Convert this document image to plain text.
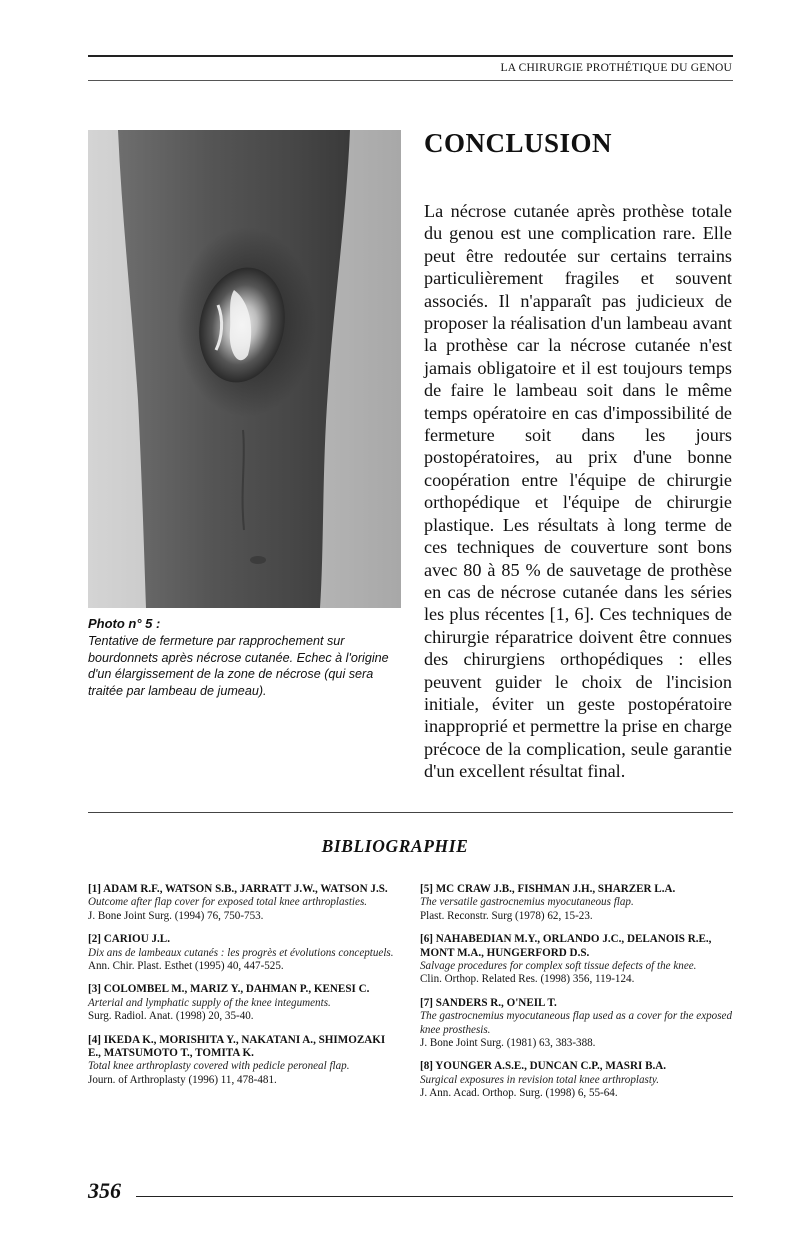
LA CHIRURGIE PROTHÉTIQUE DU GENOU
Photo n° 5 :
Tentative de fermeture par rapprochement sur bourdonnets après nécrose cutanée. Echec à l'origine d'un élargissement de la zone de nécrose (qui sera traitée par lambeau de jumeau).
CONCLUSION

La nécrose cutanée après prothèse totale du genou est une complication rare. Elle peut être redoutée sur certains terrains particulièrement fragiles et souvent associés. Il n'apparaît pas judicieux de proposer la réalisation d'un lambeau avant la prothèse car la nécrose cutanée n'est jamais obligatoire et il est toujours temps de faire le lambeau soit dans le même temps opératoire en cas d'impossibilité de fermeture soit dans les jours postopératoires, au prix d'une bonne coopération entre l'équipe de chirurgie orthopédique et l'équipe de chirurgie plastique. Les résultats à long terme de ces techniques de couverture sont bons avec 80 à 85 % de sauvetage de prothèse en cas de nécrose cutanée dans les séries les plus récentes [1, 6]. Ces techniques de chirurgie réparatrice doivent être connues des chirurgiens orthopédiques : elles peuvent guider le choix de l'incision initiale, éviter un geste postopératoire inapproprié et permettre la prise en charge précoce de la complication, seule garantie d'un excellent résultat final.

BIBLIOGRAPHIE
[1] ADAM R.F., WATSON S.B., JARRATT J.W., WATSON J.S.
Outcome after flap cover for exposed total knee arthroplasties.
J. Bone Joint Surg. (1994) 76, 750-753.
[2] CARIOU J.L.
Dix ans de lambeaux cutanés : les progrès et évolutions conceptuels.
Ann. Chir. Plast. Esthet (1995) 40, 447-525.
[3] COLOMBEL M., MARIZ Y., DAHMAN P., KENESI C.
Arterial and lymphatic supply of the knee integuments.
Surg. Radiol. Anat. (1998) 20, 35-40.
[4] IKEDA K., MORISHITA Y., NAKATANI A., SHIMOZAKI E., MATSUMOTO T., TOMITA K.
Total knee arthroplasty covered with pedicle peroneal flap.
Journ. of Arthroplasty (1996) 11, 478-481.
[5] MC CRAW J.B., FISHMAN J.H., SHARZER L.A.
The versatile gastrocnemius myocutaneous flap.
Plast. Reconstr. Surg (1978) 62, 15-23.
[6] NAHABEDIAN M.Y., ORLANDO J.C., DELANOIS R.E., MONT M.A., HUNGERFORD D.S.
Salvage procedures for complex soft tissue defects of the knee.
Clin. Orthop. Related Res. (1998) 356, 119-124.
[7] SANDERS R., O'NEIL T.
The gastrocnemius myocutaneous flap used as a cover for the exposed knee prosthesis.
J. Bone Joint Surg. (1981) 63, 383-388.
[8] YOUNGER A.S.E., DUNCAN C.P., MASRI B.A.
Surgical exposures in revision total knee arthroplasty.
J. Ann. Acad. Orthop. Surg. (1998) 6, 55-64.
356
